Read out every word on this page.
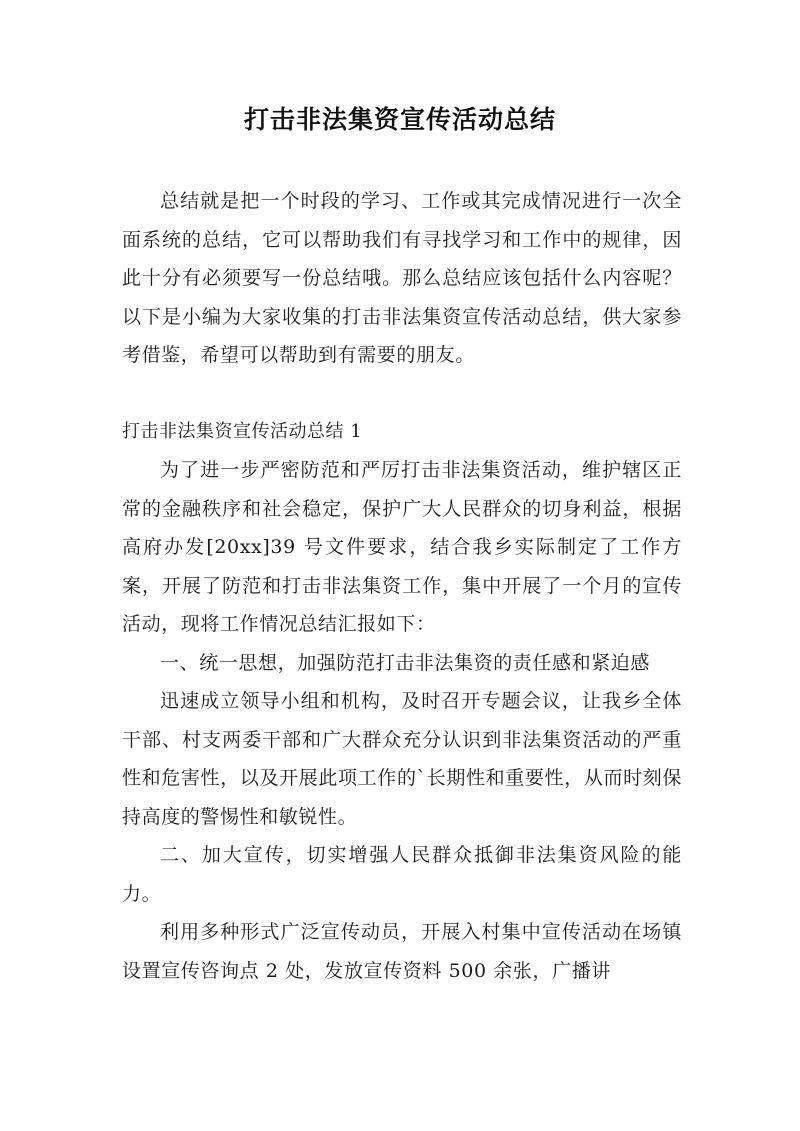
打击非法集资宣传活动总结

总结就是把一个时段的学习、工作或其完成情况进行一次全面系统的总结，它可以帮助我们有寻找学习和工作中的规律，因此十分有必须要写一份总结哦。那么总结应该包括什么内容呢？以下是小编为大家收集的打击非法集资宣传活动总结，供大家参考借鉴，希望可以帮助到有需要的朋友。

打击非法集资宣传活动总结 1

为了进一步严密防范和严厉打击非法集资活动，维护辖区正常的金融秩序和社会稳定，保护广大人民群众的切身利益，根据高府办发[20xx]39 号文件要求，结合我乡实际制定了工作方案，开展了防范和打击非法集资工作，集中开展了一个月的宣传活动，现将工作情况总结汇报如下：

一、统一思想，加强防范打击非法集资的责任感和紧迫感

迅速成立领导小组和机构，及时召开专题会议，让我乡全体干部、村支两委干部和广大群众充分认识到非法集资活动的严重性和危害性，以及开展此项工作的`长期性和重要性，从而时刻保持高度的警惕性和敏锐性。

二、加大宣传，切实增强人民群众抵御非法集资风险的能力。

利用多种形式广泛宣传动员，开展入村集中宣传活动在场镇设置宣传咨询点 2 处，发放宣传资料 500 余张，广播讲
